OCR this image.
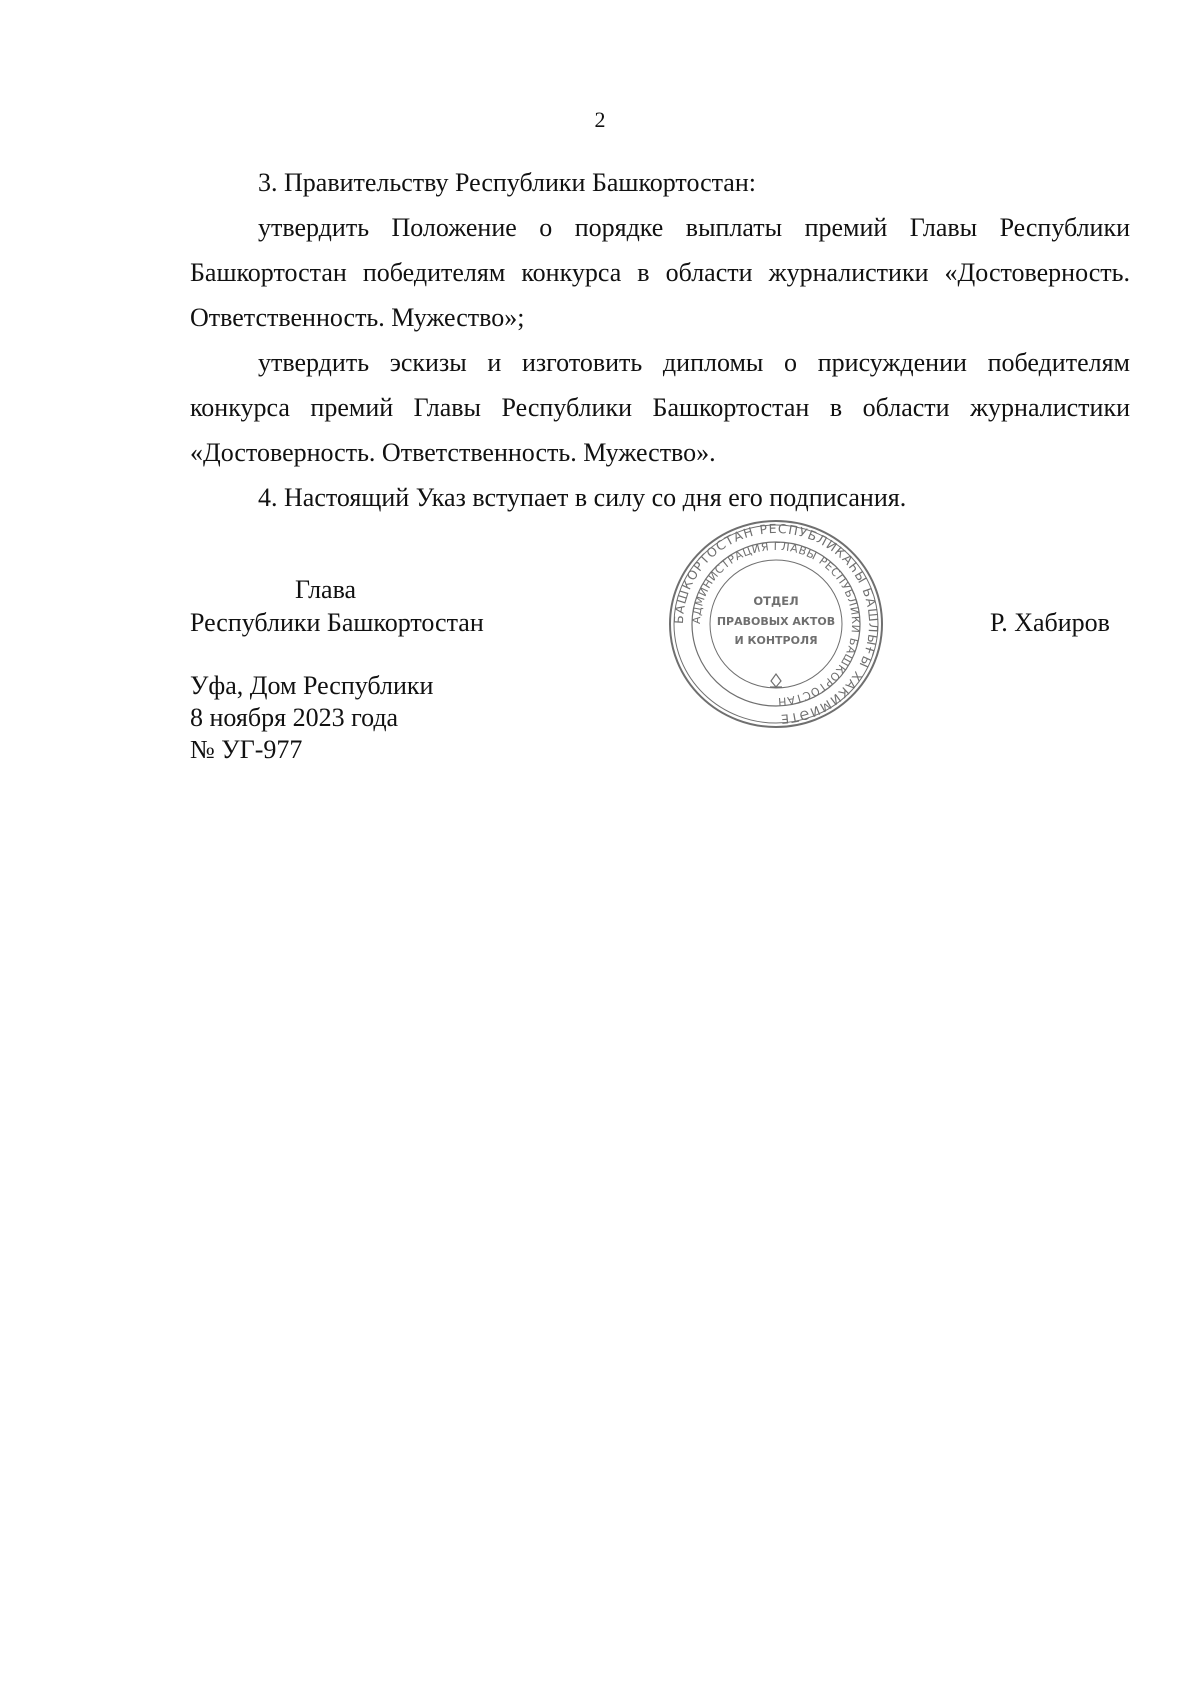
2

3. Правительству Республики Башкортостан:

утвердить Положение о порядке выплаты премий Главы Республики Башкортостан победителям конкурса в области журналистики «Достоверность. Ответственность. Мужество»;

утвердить эскизы и изготовить дипломы о присуждении победителям конкурса премий Главы Республики Башкортостан в области журналистики «Достоверность. Ответственность. Мужество».

4. Настоящий Указ вступает в силу со дня его подписания.

Глава
Республики Башкортостан	Р. Хабиров
Уфа, Дом Республики
8 ноября 2023 года
№ УГ-977
БАШКОРТОСТАН РЕСПУБЛИКАҺЫ БАШЛЫҒЫ ХАКИМИӘТЕ
АДМИНИСТРАЦИЯ ГЛАВЫ РЕСПУБЛИКИ БАШКОРТОСТАН
ОТДЕЛ
ПРАВОВЫХ АКТОВ
И КОНТРОЛЯ
